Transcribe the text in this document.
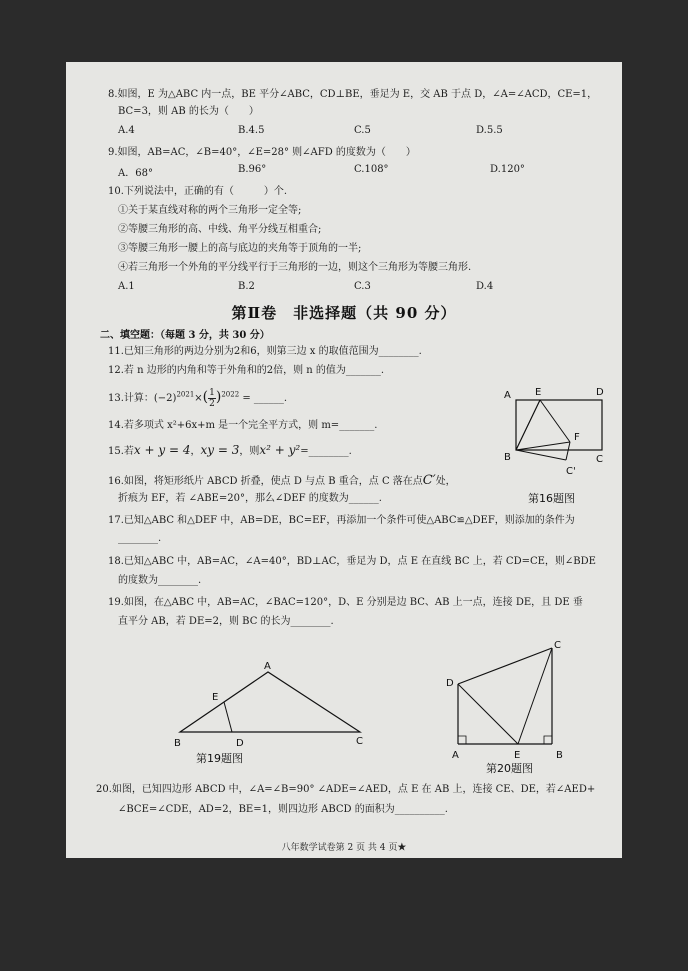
8.如图，E 为△ABC 内一点，BE 平分∠ABC，CD⊥BE，垂足为 E，交 AB 于点 D，∠A=∠ACD，CE=1，
BC=3，则 AB 的长为（　　）
A.4	B.4.5	C.5	D.5.5
9.如图，AB=AC，∠B=40°，∠E=28° 则∠AFD 的度数为（　　）
A．68°	B.96°	C.108°	D.120°
10.下列说法中，正确的有（　　　）个.
①关于某直线对称的两个三角形一定全等;
②等腰三角形的高、中线、角平分线互相重合;
③等腰三角形一腰上的高与底边的夹角等于顶角的一半;
④若三角形一个外角的平分线平行于三角形的一边，则这个三角形为等腰三角形.
A.1	B.2	C.3	D.4
第Ⅱ卷　非选择题（共 90 分）
二、填空题：（每题 3 分，共 30 分）
11.已知三角形的两边分别为2和6，则第三边 x 的取值范围为________.
12.若 n 边形的内角和等于外角和的2倍，则 n 的值为_______.
13.计算：$(-2)^{2021}\times( \frac{1}{2} )^{2022}$ = ______.
14.若多项式 x²+6x+m 是一个完全平方式，则 m=_______.
15.若x + y = 4，xy = 3，则x² + y²=________.
16.如图，将矩形纸片 ABCD 折叠，使点 D 与点 B 重合，点 C 落在点C′处，
折痕为 EF，若 ∠ABE=20°，那么∠DEF 的度数为______.
A E	D
F
B	C
C'
第16题图
17.已知△ABC 和△DEF 中，AB=DE，BC=EF，再添加一个条件可使△ABC≌△DEF，则添加的条件为
________.
18.已知△ABC 中，AB=AC，∠A=40°，BD⊥AC，垂足为 D，点 E 在直线 BC 上，若 CD=CE，则∠BDE
的度数为________.
19.如图，在△ABC 中，AB=AC，∠BAC=120°，D、E 分别是边 BC、AB 上一点，连接 DE，且 DE 垂
直平分 AB，若 DE=2，则 BC 的长为________.
A
E
B	D	C
第19题图
C
D
A	E	B
第20题图
20.如图，已知四边形 ABCD 中，∠A=∠B=90° ∠ADE=∠AED，点 E 在 AB 上，连接 CE、DE，若∠AED+
∠BCE=∠CDE，AD=2，BE=1，则四边形 ABCD 的面积为__________.
八年数学试卷第 2 页 共 4 页★
